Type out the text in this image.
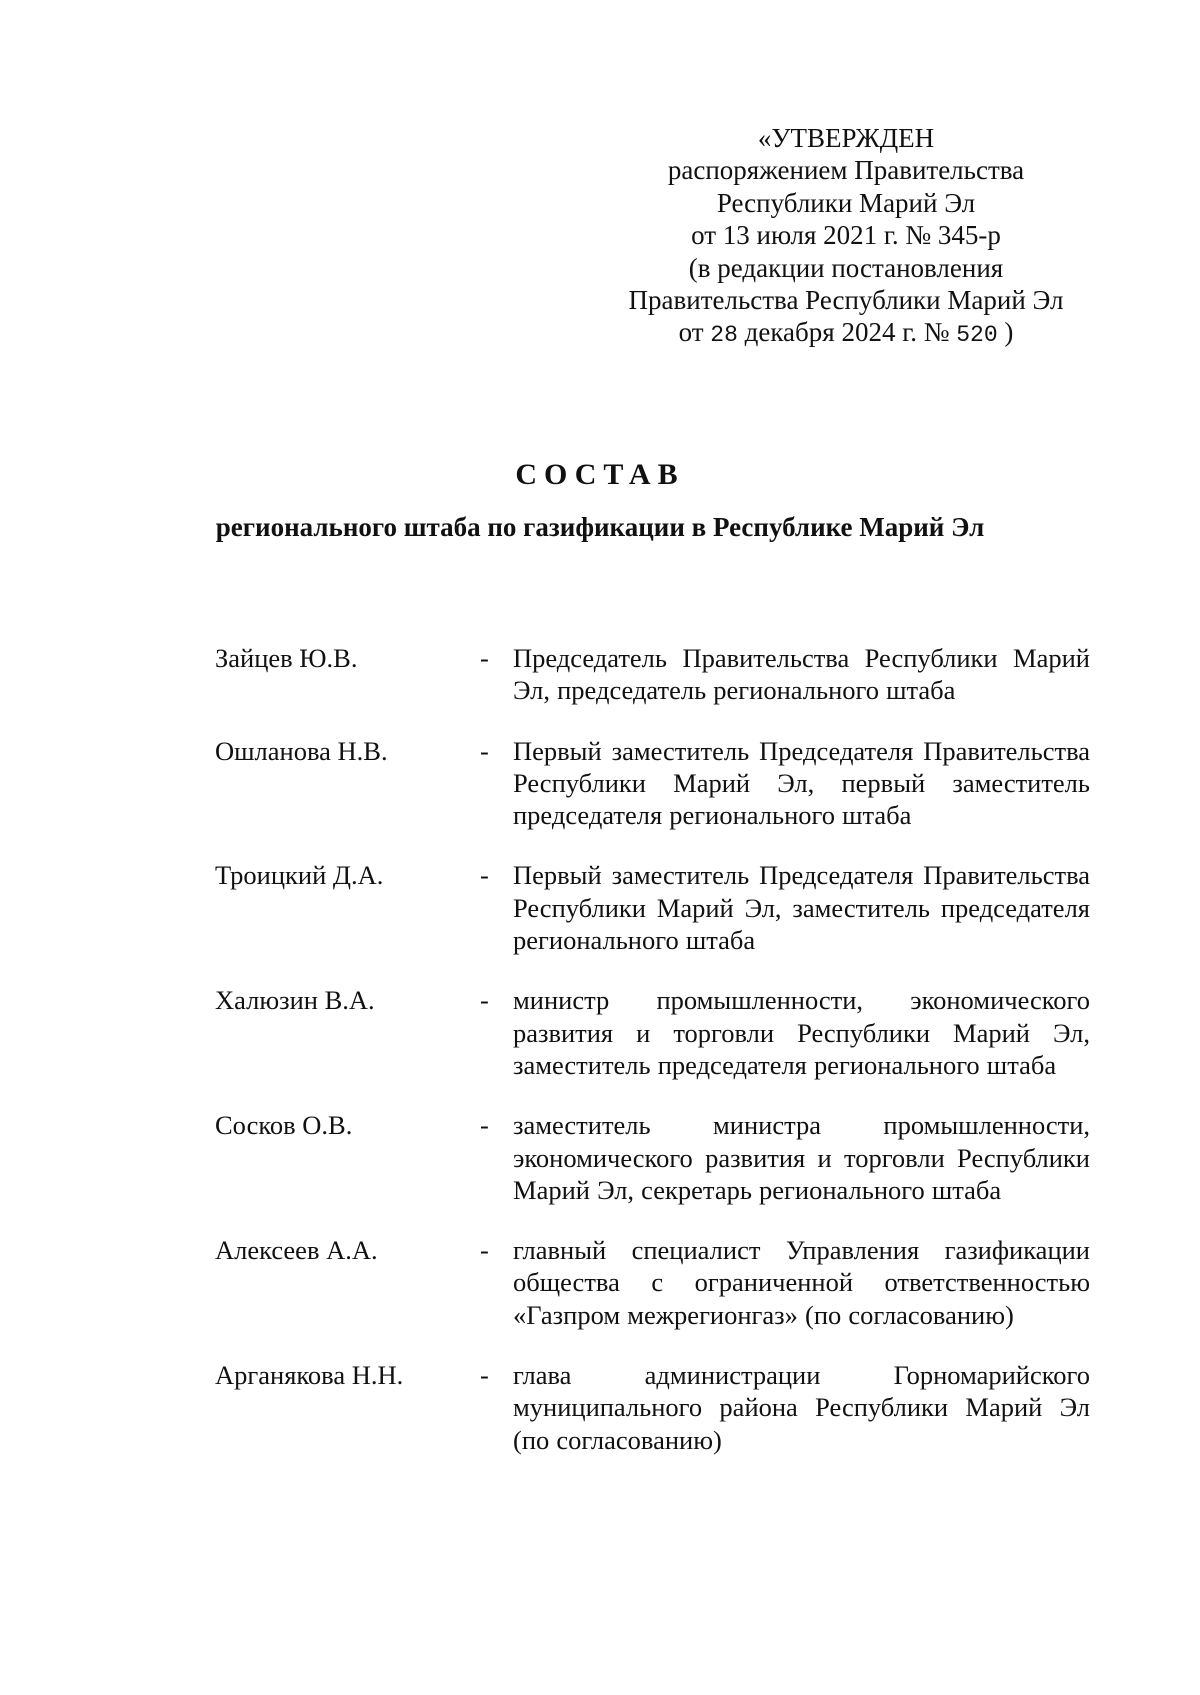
«УТВЕРЖДЕН
распоряжением Правительства
Республики Марий Эл
от 13 июля 2021 г. № 345-р
(в редакции постановления
Правительства Республики Марий Эл
от 28 декабря 2024 г. № 520 )
СОСТАВ
регионального штаба по газификации в Республике Марий Эл
Зайцев Ю.В.	- Председатель Правительства Республики Марий Эл, председатель регионального штаба
Ошланова Н.В.	- Первый заместитель Председателя Правительства Республики Марий Эл, первый заместитель председателя регионального штаба
Троицкий Д.А.	- Первый заместитель Председателя Правительства Республики Марий Эл, заместитель председателя регионального штаба
Халюзин В.А.	- министр промышленности, экономического развития и торговли Республики Марий Эл, заместитель председателя регионального штаба
Сосков О.В.	- заместитель министра промышленности, экономического развития и торговли Республики Марий Эл, секретарь регионального штаба
Алексеев А.А.	- главный специалист Управления газификации общества с ограниченной ответственностью «Газпром межрегионгаз» (по согласованию)
Арганякова Н.Н.	- глава администрации Горномарийского муниципального района Республики Марий Эл (по согласованию)
